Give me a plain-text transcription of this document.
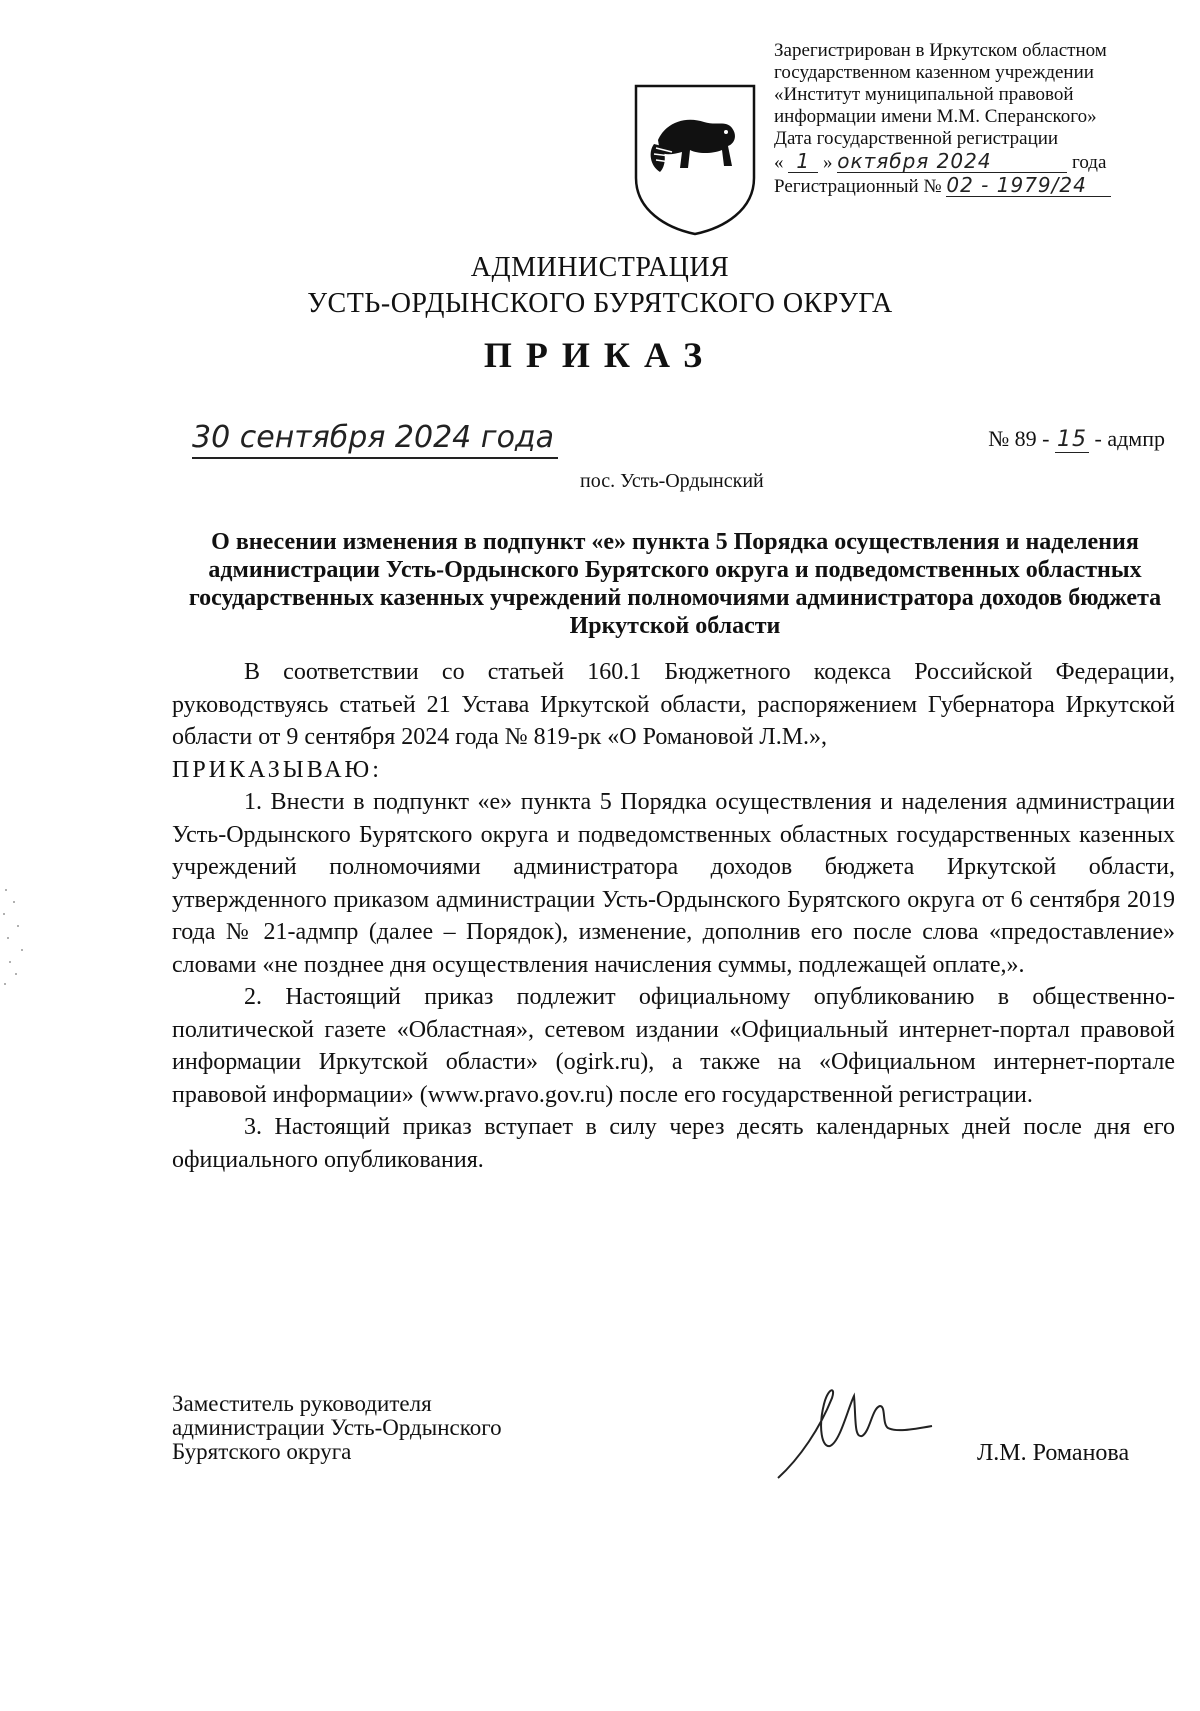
Зарегистрирован в Иркутском областном
государственном казенном учреждении
«Институт муниципальной правовой
информации имени М.М. Сперанского»
Дата государственной регистрации
« 1 » октября 2024	года
Регистрационный № 02 - 1979/24
АДМИНИСТРАЦИЯ
УСТЬ-ОРДЫНСКОГО БУРЯТСКОГО ОКРУГА
ПРИКАЗ
30 сентября 2024 года	№ 89 - 15 - адмпр
пос. Усть-Ордынский
О внесении изменения в подпункт «е» пункта 5 Порядка осуществления и наделения администрации Усть-Ордынского Бурятского округа и подведомственных областных государственных казенных учреждений полномочиями администратора доходов бюджета Иркутской области

В соответствии со статьей 160.1 Бюджетного кодекса Российской Федерации, руководствуясь статьей 21 Устава Иркутской области, распоряжением Губернатора Иркутской области от 9 сентября 2024 года № 819-рк «О Романовой Л.М.»,

ПРИКАЗЫВАЮ:

1. Внести в подпункт «е» пункта 5 Порядка осуществления и наделения администрации Усть-Ордынского Бурятского округа и подведомственных областных государственных казенных учреждений полномочиями администратора доходов бюджета Иркутской области, утвержденного приказом администрации Усть-Ордынского Бурятского округа от 6 сентября 2019 года № 21-адмпр (далее – Порядок), изменение, дополнив его после слова «предоставление» словами «не позднее дня осуществления начисления суммы, подлежащей оплате,».

2. Настоящий приказ подлежит официальному опубликованию в общественно-политической газете «Областная», сетевом издании «Официальный интернет-портал правовой информации Иркутской области» (ogirk.ru), а также на «Официальном интернет-портале правовой информации» (www.pravo.gov.ru) после его государственной регистрации.

3. Настоящий приказ вступает в силу через десять календарных дней после дня его официального опубликования.

Заместитель руководителя
администрации Усть-Ордынского
Бурятского округа	Л.М. Романова
